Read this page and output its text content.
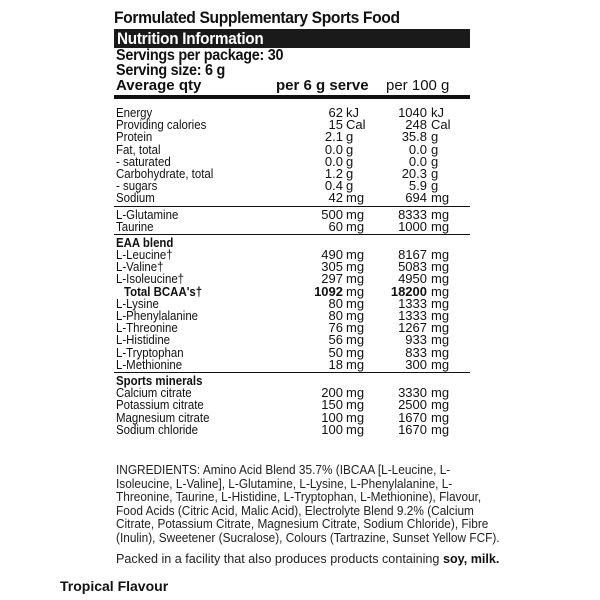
Formulated Supplementary Sports Food
Nutrition Information
Servings per package: 30
Serving size: 6 g
Average qty	per 6 g serve per 100 g
Energy	62 kJ	1040 kJ
Providing calories	15 Cal	248 Cal
Protein	2.1 g	35.8 g
Fat, total	0.0 g	0.0 g
- saturated	0.0 g	0.0 g
Carbohydrate, total	1.2 g	20.3 g
- sugars	0.4 g	5.9 g
Sodium	42 mg	694 mg
L-Glutamine	500 mg	8333 mg
Taurine	60 mg	1000 mg
EAA blend
L-Leucine†	490 mg	8167 mg
L-Valine†	305 mg	5083 mg
L-Isoleucine†	297 mg	4950 mg
Total BCAA's†	1092 mg 18200 mg
L-Lysine	80 mg	1333 mg
L-Phenylalanine	80 mg	1333 mg
L-Threonine	76 mg	1267 mg
L-Histidine	56 mg	933 mg
L-Tryptophan	50 mg	833 mg
L-Methionine	18 mg	300 mg
Sports minerals
Calcium citrate	200 mg	3330 mg
Potassium citrate	150 mg	2500 mg
Magnesium citrate	100 mg	1670 mg
Sodium chloride	100 mg	1670 mg

INGREDIENTS: Amino Acid Blend 35.7% (IBCAA [L-Leucine, L-Isoleucine, L-Valine], L-Glutamine, L-Lysine, L-Phenylalanine, L-Threonine, Taurine, L-Histidine, L-Tryptophan, L-Methionine), Flavour, Food Acids (Citric Acid, Malic Acid), Electrolyte Blend 9.2% (Calcium Citrate, Potassium Citrate, Magnesium Citrate, Sodium Chloride), Fibre (Inulin), Sweetener (Sucralose), Colours (Tartrazine, Sunset Yellow FCF).

Packed in a facility that also produces products containing soy, milk.
Tropical Flavour
